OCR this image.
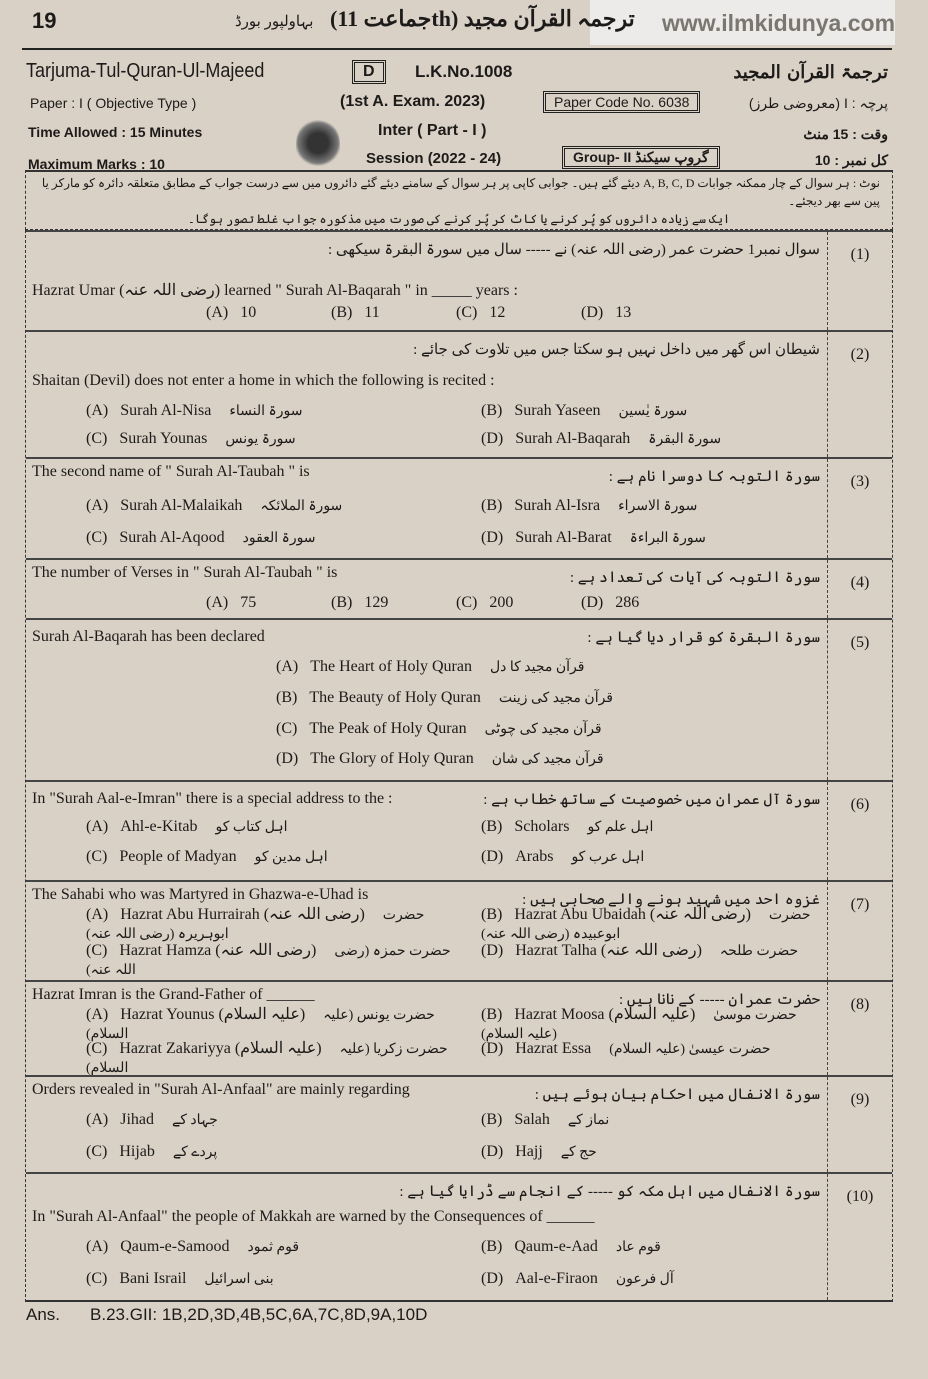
www.ilmkidunya.com
19	بہاولپور بورڈ (جماعت 11th) ترجمہ القرآن مجید
Tarjuma-Tul-Quran-Ul-Majeed	D	L.K.No.1008	ترجمۃ القرآن المجید
Paper : I ( Objective Type )	(1st A. Exam. 2023)	Paper Code No. 6038	پرچہ : I (معروضی طرز)
Time Allowed : 15 Minutes	Inter ( Part - I )	وقت : 15 منٹ
Maximum Marks : 10	Session (2022 - 24)	Group- II گروپ سیکنڈ	کل نمبر : 10
نوٹ : ہر سوال کے چار ممکنہ جوابات A, B, C, D دیئے گئے ہیں۔ جوابی کاپی پر ہر سوال کے سامنے دیئے گئے دائروں میں سے درست جواب کے مطابق متعلقہ دائرہ کو مارکر یا پین سے بھر دیجئے۔
ایک سے زیادہ دائروں کو پُر کرنے یا کاٹ کر پُر کرنے کی صورت میں مذکورہ جواب غلط تصور ہوگا۔
(1)
سوال نمبر1 حضرت عمر (رضی اللہ عنہ) نے ----- سال میں سورۃ البقرۃ سیکھی :
Hazrat Umar (رضی اللہ عنہ) learned " Surah Al-Baqarah " in _____ years :
(A) 10	(B) 11	(C) 12	(D) 13
(2)
شیطان اس گھر میں داخل نہیں ہو سکتا جس میں تلاوت کی جائے :
Shaitan (Devil) does not enter a home in which the following is recited :
(A) Surah Al-Nisa سورۃ النساء	(B) Surah Yaseen سورۃ یٰسین
(C) Surah Younas سورۃ یونس	(D) Surah Al-Baqarah سورۃ البقرۃ
(3)
سورۃ التوبہ کا دوسرا نام ہے :
The second name of " Surah Al-Taubah " is
(A) Surah Al-Malaikah سورۃ الملائکہ	(B) Surah Al-Isra سورۃ الاسراء
(C) Surah Al-Aqood سورۃ العقود	(D) Surah Al-Barat سورۃ البراءۃ
(4)
سورۃ التوبہ کی آیات کی تعداد ہے :
The number of Verses in " Surah Al-Taubah " is
(A) 75	(B) 129	(C) 200	(D) 286
(5)
سورۃ البقرۃ کو قرار دیا گیا ہے :
Surah Al-Baqarah has been declared
(A) The Heart of Holy Quran قرآن مجید کا دل
(B) The Beauty of Holy Quran قرآن مجید کی زینت
(C) The Peak of Holy Quran قرآن مجید کی چوٹی
(D) The Glory of Holy Quran قرآن مجید کی شان
(6)
سورۃ آل عمران میں خصوصیت کے ساتھ خطاب ہے :
In "Surah Aal-e-Imran" there is a special address to the :
(A) Ahl-e-Kitab اہل کتاب کو	(B) Scholars اہل علم کو
(C) People of Madyan اہل مدین کو	(D) Arabs اہل عرب کو
(7)
غزوہ احد میں شہید ہونے والے صحابی ہیں :
The Sahabi who was Martyred in Ghazwa-e-Uhad is
(A) Hazrat Abu Hurrairah (رضی اللہ عنہ) حضرت ابوہریرہ (رضی اللہ عنہ)
(B) Hazrat Abu Ubaidah (رضی اللہ عنہ) حضرت ابوعبیدہ (رضی اللہ عنہ)
(C) Hazrat Hamza (رضی اللہ عنہ) حضرت حمزہ (رضی اللہ عنہ)
(D) Hazrat Talha (رضی اللہ عنہ) حضرت طلحہ
(8)
حضرت عمران ----- کے نانا ہیں :
Hazrat Imran is the Grand-Father of ______
(A) Hazrat Younus (علیہ السلام) حضرت یونس (علیہ السلام)
(B) Hazrat Moosa (علیہ السلام) حضرت موسیٰ (علیہ السلام)
(C) Hazrat Zakariyya (علیہ السلام) حضرت زکریا (علیہ السلام)
(D) Hazrat Essa حضرت عیسیٰ (علیہ السلام)
(9)
سورۃ الانفال میں احکام بیان ہوئے ہیں :
Orders revealed in "Surah Al-Anfaal" are mainly regarding
(A) Jihad جہاد کے	(B) Salah نماز کے
(C) Hijab پردے کے	(D) Hajj حج کے
(10)
سورۃ الانفال میں اہل مکہ کو ----- کے انجام سے ڈرایا گیا ہے :
In "Surah Al-Anfaal" the people of Makkah are warned by the Consequences of ______
(A) Qaum-e-Samood قوم ثمود	(B) Qaum-e-Aad قوم عاد
(C) Bani Israil بنی اسرائیل	(D) Aal-e-Firaon آل فرعون
Ans. B.23.GII: 1B,2D,3D,4B,5C,6A,7C,8D,9A,10D
